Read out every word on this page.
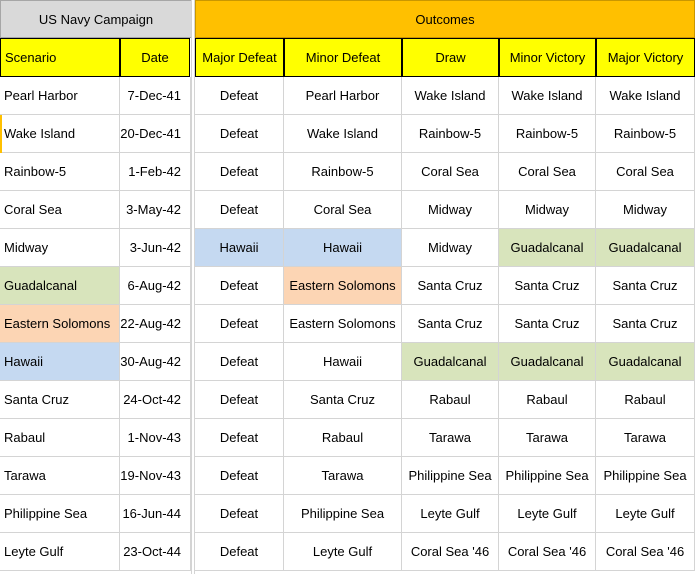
US Navy Campaign	Outcomes
Scenario	Date	Major Defeat	Minor Defeat	Draw	Minor Victory	Major Victory
Pearl Harbor	7-Dec-41	Defeat	Pearl Harbor	Wake Island	Wake Island	Wake Island
Wake Island	20-Dec-41	Defeat	Wake Island	Rainbow-5	Rainbow-5	Rainbow-5
Rainbow-5	1-Feb-42	Defeat	Rainbow-5	Coral Sea	Coral Sea	Coral Sea
Coral Sea	3-May-42	Defeat	Coral Sea	Midway	Midway	Midway
Midway	3-Jun-42	Hawaii	Hawaii	Midway	Guadalcanal	Guadalcanal
Guadalcanal	6-Aug-42	Defeat	Eastern Solomons	Santa Cruz	Santa Cruz	Santa Cruz
Eastern Solomons 22-Aug-42	Defeat	Eastern Solomons	Santa Cruz	Santa Cruz	Santa Cruz
Hawaii	30-Aug-42	Defeat	Hawaii	Guadalcanal	Guadalcanal	Guadalcanal
Santa Cruz	24-Oct-42	Defeat	Santa Cruz	Rabaul	Rabaul	Rabaul
Rabaul	1-Nov-43	Defeat	Rabaul	Tarawa	Tarawa	Tarawa
Tarawa	19-Nov-43	Defeat	Tarawa	Philippine Sea	Philippine Sea	Philippine Sea
Philippine Sea	16-Jun-44	Defeat	Philippine Sea	Leyte Gulf	Leyte Gulf	Leyte Gulf
Leyte Gulf	23-Oct-44	Defeat	Leyte Gulf	Coral Sea '46	Coral Sea '46	Coral Sea '46
